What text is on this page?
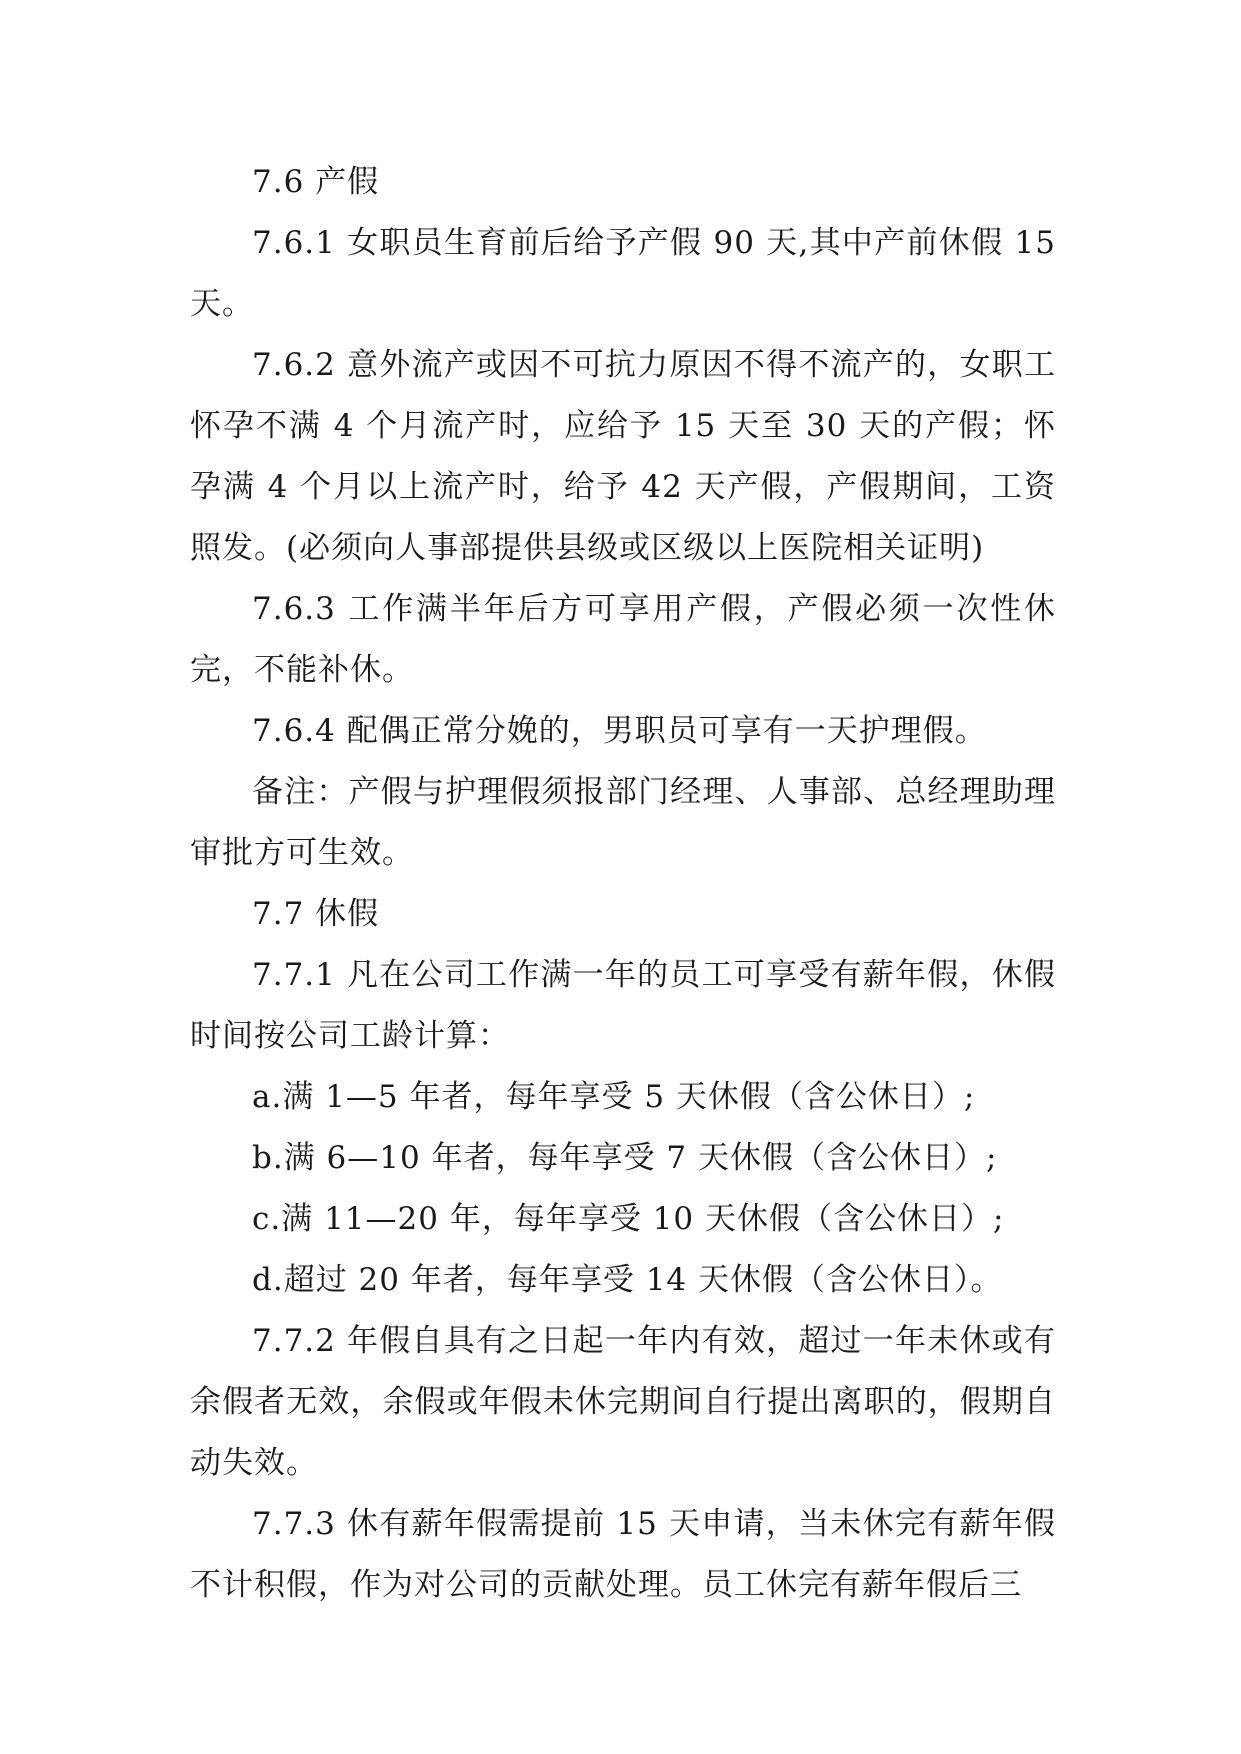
7.6 产假

7.6.1 女职员生育前后给予产假 90 天,其中产前休假 15 天。

7.6.2 意外流产或因不可抗力原因不得不流产的，女职工怀孕不满 4 个月流产时，应给予 15 天至 30 天的产假；怀孕满 4 个月以上流产时，给予 42 天产假，产假期间，工资照发。(必须向人事部提供县级或区级以上医院相关证明)

7.6.3 工作满半年后方可享用产假，产假必须一次性休完，不能补休。

7.6.4 配偶正常分娩的，男职员可享有一天护理假。

备注：产假与护理假须报部门经理、人事部、总经理助理审批方可生效。

7.7 休假

7.7.1 凡在公司工作满一年的员工可享受有薪年假，休假时间按公司工龄计算：

a.满 1—5 年者，每年享受 5 天休假（含公休日）;

b.满 6—10 年者，每年享受 7 天休假（含公休日）;

c.满 11—20 年，每年享受 10 天休假（含公休日）;

d.超过 20 年者，每年享受 14 天休假（含公休日）。

7.7.2 年假自具有之日起一年内有效，超过一年未休或有余假者无效，余假或年假未休完期间自行提出离职的，假期自动失效。

7.7.3 休有薪年假需提前 15 天申请，当未休完有薪年假不计积假，作为对公司的贡献处理。员工休完有薪年假后三
